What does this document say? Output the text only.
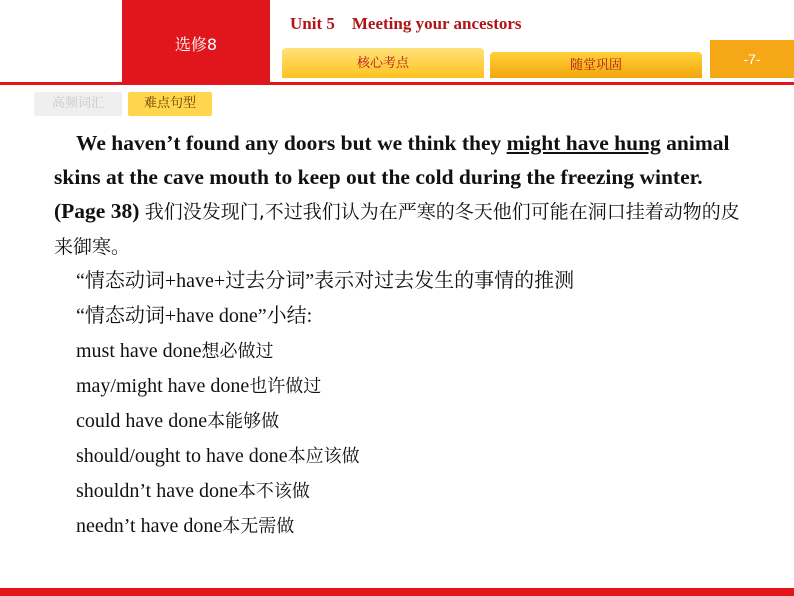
选修8
Unit 5    Meeting your ancestors
核心考点	随堂巩固	-7-
高频词汇	难点句型

We haven’t found any doors but we think they might have hung animal skins at the cave mouth to keep out the cold during the freezing winter.(Page 38) 我们没发现门,不过我们认为在严寒的冬天他们可能在洞口挂着动物的皮来御寒。

“情态动词+have+过去分词”表示对过去发生的事情的推测

“情态动词+have done”小结:

must have done想必做过

may/might have done也许做过

could have done本能够做

should/ought to have done本应该做

shouldn’t have done本不该做

needn’t have done本无需做
